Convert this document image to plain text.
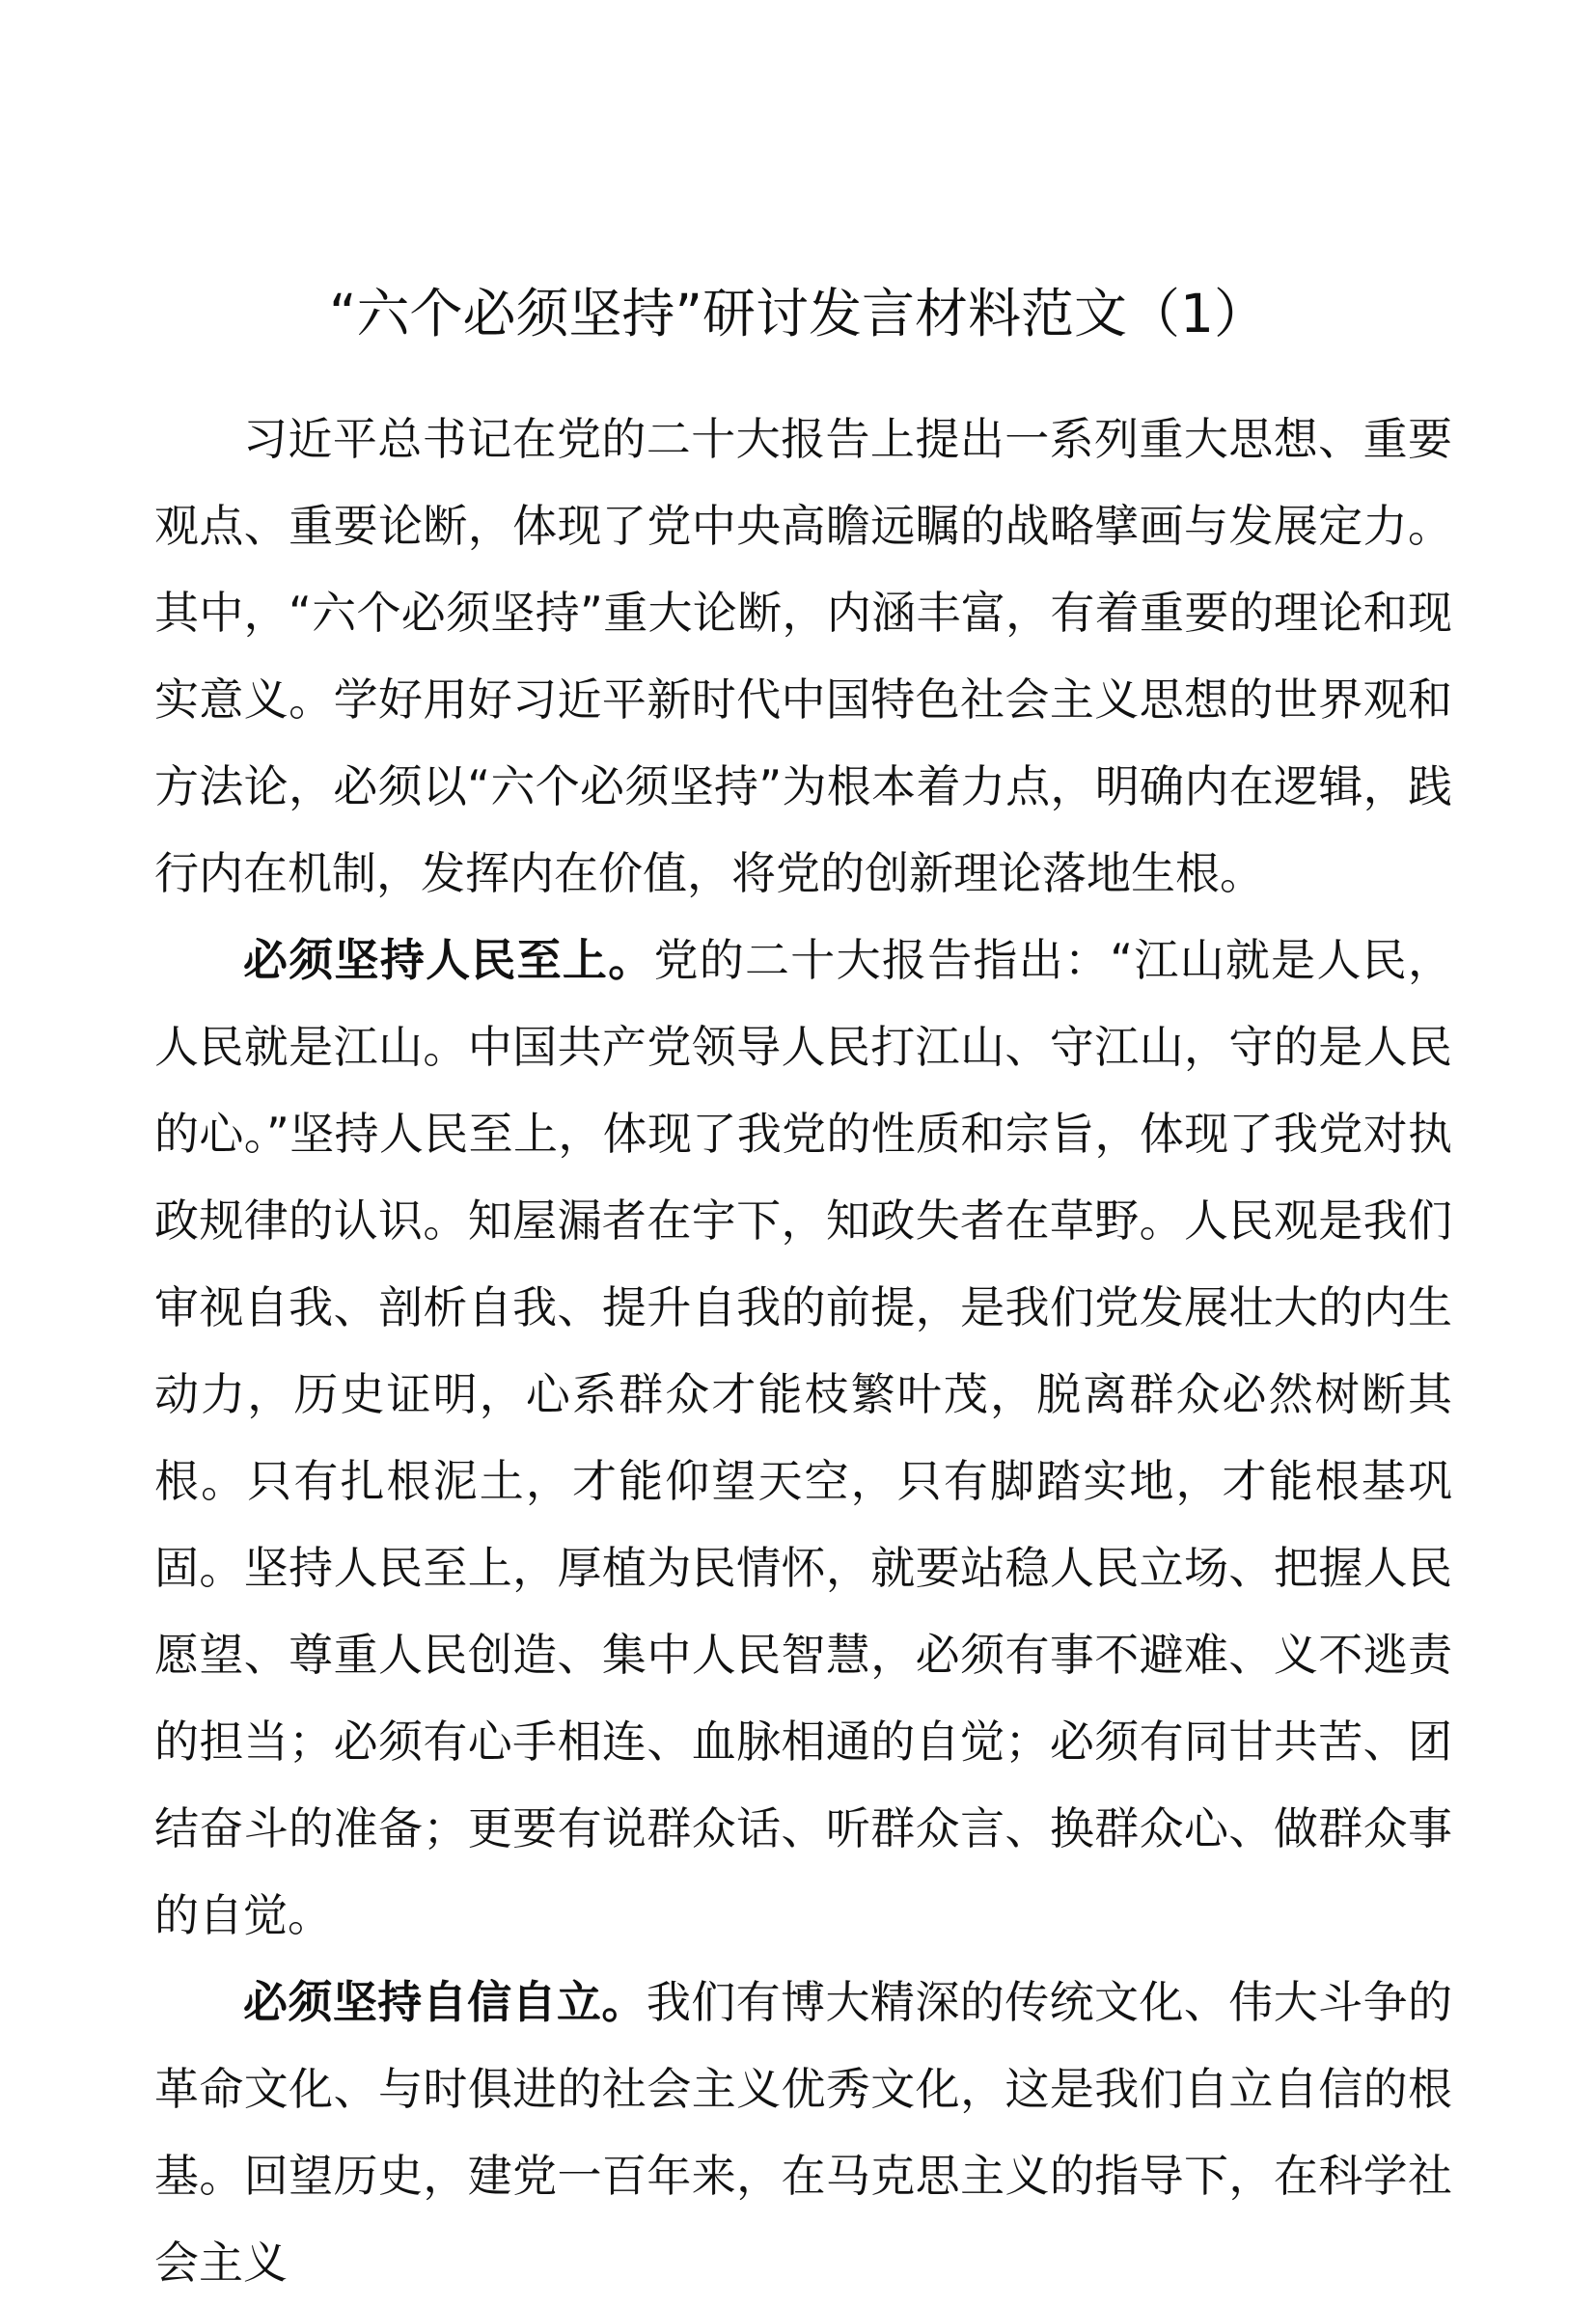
“六个必须坚持”研讨发言材料范文（1）

习近平总书记在党的二十大报告上提出一系列重大思想、重要观点、重要论断，体现了党中央高瞻远瞩的战略擘画与发展定力。其中，“六个必须坚持”重大论断，内涵丰富，有着重要的理论和现实意义。学好用好习近平新时代中国特色社会主义思想的世界观和方法论，必须以“六个必须坚持”为根本着力点，明确内在逻辑，践行内在机制，发挥内在价值，将党的创新理论落地生根。

必须坚持人民至上。党的二十大报告指出：“江山就是人民，人民就是江山。中国共产党领导人民打江山、守江山，守的是人民的心。”坚持人民至上，体现了我党的性质和宗旨，体现了我党对执政规律的认识。知屋漏者在宇下，知政失者在草野。人民观是我们审视自我、剖析自我、提升自我的前提，是我们党发展壮大的内生动力，历史证明，心系群众才能枝繁叶茂，脱离群众必然树断其根。只有扎根泥土，才能仰望天空，只有脚踏实地，才能根基巩固。坚持人民至上，厚植为民情怀，就要站稳人民立场、把握人民愿望、尊重人民创造、集中人民智慧，必须有事不避难、义不逃责的担当；必须有心手相连、血脉相通的自觉；必须有同甘共苦、团结奋斗的准备；更要有说群众话、听群众言、换群众心、做群众事的自觉。

必须坚持自信自立。我们有博大精深的传统文化、伟大斗争的革命文化、与时俱进的社会主义优秀文化，这是我们自立自信的根基。回望历史，建党一百年来，在马克思主义的指导下，在科学社会主义
